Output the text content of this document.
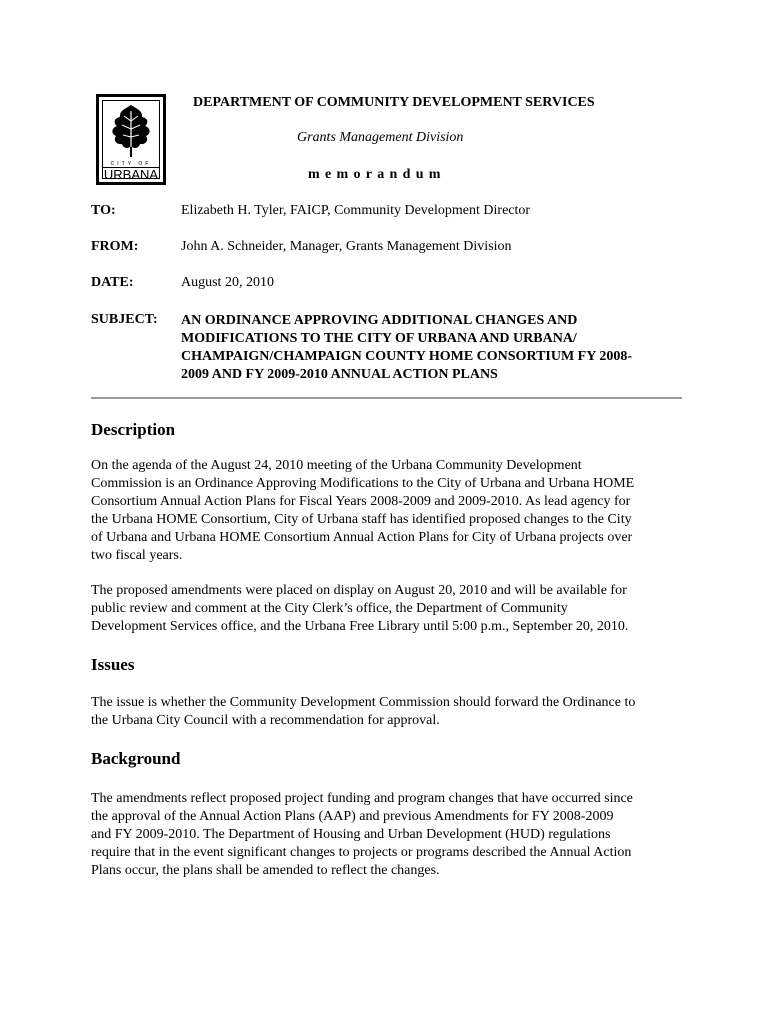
CITY OF
URBANA
DEPARTMENT OF COMMUNITY DEVELOPMENT SERVICES
Grants Management Division
memorandum
TO:	Elizabeth H. Tyler, FAICP, Community Development Director
FROM:	John A. Schneider, Manager, Grants Management Division
DATE:	August 20, 2010
SUBJECT: AN ORDINANCE APPROVING ADDITIONAL CHANGES AND
MODIFICATIONS TO THE CITY OF URBANA AND URBANA/
CHAMPAIGN/CHAMPAIGN COUNTY HOME CONSORTIUM FY 2008-
2009 AND FY 2009-2010 ANNUAL ACTION PLANS
Description
On the agenda of the August 24, 2010 meeting of the Urbana Community Development
Commission is an Ordinance Approving Modifications to the City of Urbana and Urbana HOME
Consortium Annual Action Plans for Fiscal Years 2008-2009 and 2009-2010. As lead agency for
the Urbana HOME Consortium, City of Urbana staff has identified proposed changes to the City
of Urbana and Urbana HOME Consortium Annual Action Plans for City of Urbana projects over
two fiscal years.
The proposed amendments were placed on display on August 20, 2010 and will be available for
public review and comment at the City Clerk’s office, the Department of Community
Development Services office, and the Urbana Free Library until 5:00 p.m., September 20, 2010.
Issues
The issue is whether the Community Development Commission should forward the Ordinance to
the Urbana City Council with a recommendation for approval.
Background
The amendments reflect proposed project funding and program changes that have occurred since
the approval of the Annual Action Plans (AAP) and previous Amendments for FY 2008-2009
and FY 2009-2010. The Department of Housing and Urban Development (HUD) regulations
require that in the event significant changes to projects or programs described the Annual Action
Plans occur, the plans shall be amended to reflect the changes.
